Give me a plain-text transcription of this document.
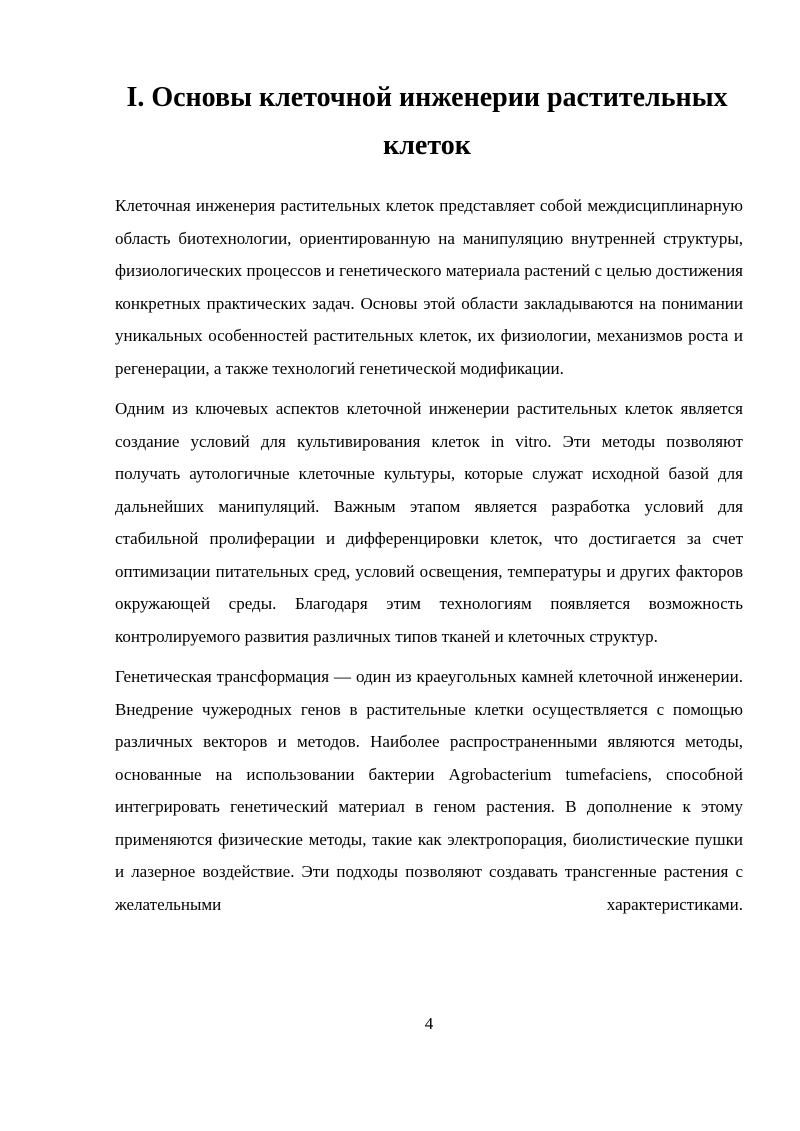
I. Основы клеточной инженерии растительных
клеток

Клеточная инженерия растительных клеток представляет собой междисциплинарную область биотехнологии, ориентированную на манипуляцию внутренней структуры, физиологических процессов и генетического материала растений с целью достижения конкретных практических задач. Основы этой области закладываются на понимании уникальных особенностей растительных клеток, их физиологии, механизмов роста и регенерации, а также технологий генетической модификации.

Одним из ключевых аспектов клеточной инженерии растительных клеток является создание условий для культивирования клеток in vitro. Эти методы позволяют получать аутологичные клеточные культуры, которые служат исходной базой для дальнейших манипуляций. Важным этапом является разработка условий для стабильной пролиферации и дифференцировки клеток, что достигается за счет оптимизации питательных сред, условий освещения, температуры и других факторов окружающей среды. Благодаря этим технологиям появляется возможность контролируемого развития различных типов тканей и клеточных структур.

Генетическая трансформация — один из краеугольных камней клеточной инженерии. Внедрение чужеродных генов в растительные клетки осуществляется с помощью различных векторов и методов. Наиболее распространенными являются методы, основанные на использовании бактерии Agrobacterium tumefaciens, способной интегрировать генетический материал в геном растения. В дополнение к этому применяются физические методы, такие как электропорация, биолистические пушки и лазерное воздействие. Эти подходы позволяют создавать трансгенные растения с желательными характеристиками.

4
